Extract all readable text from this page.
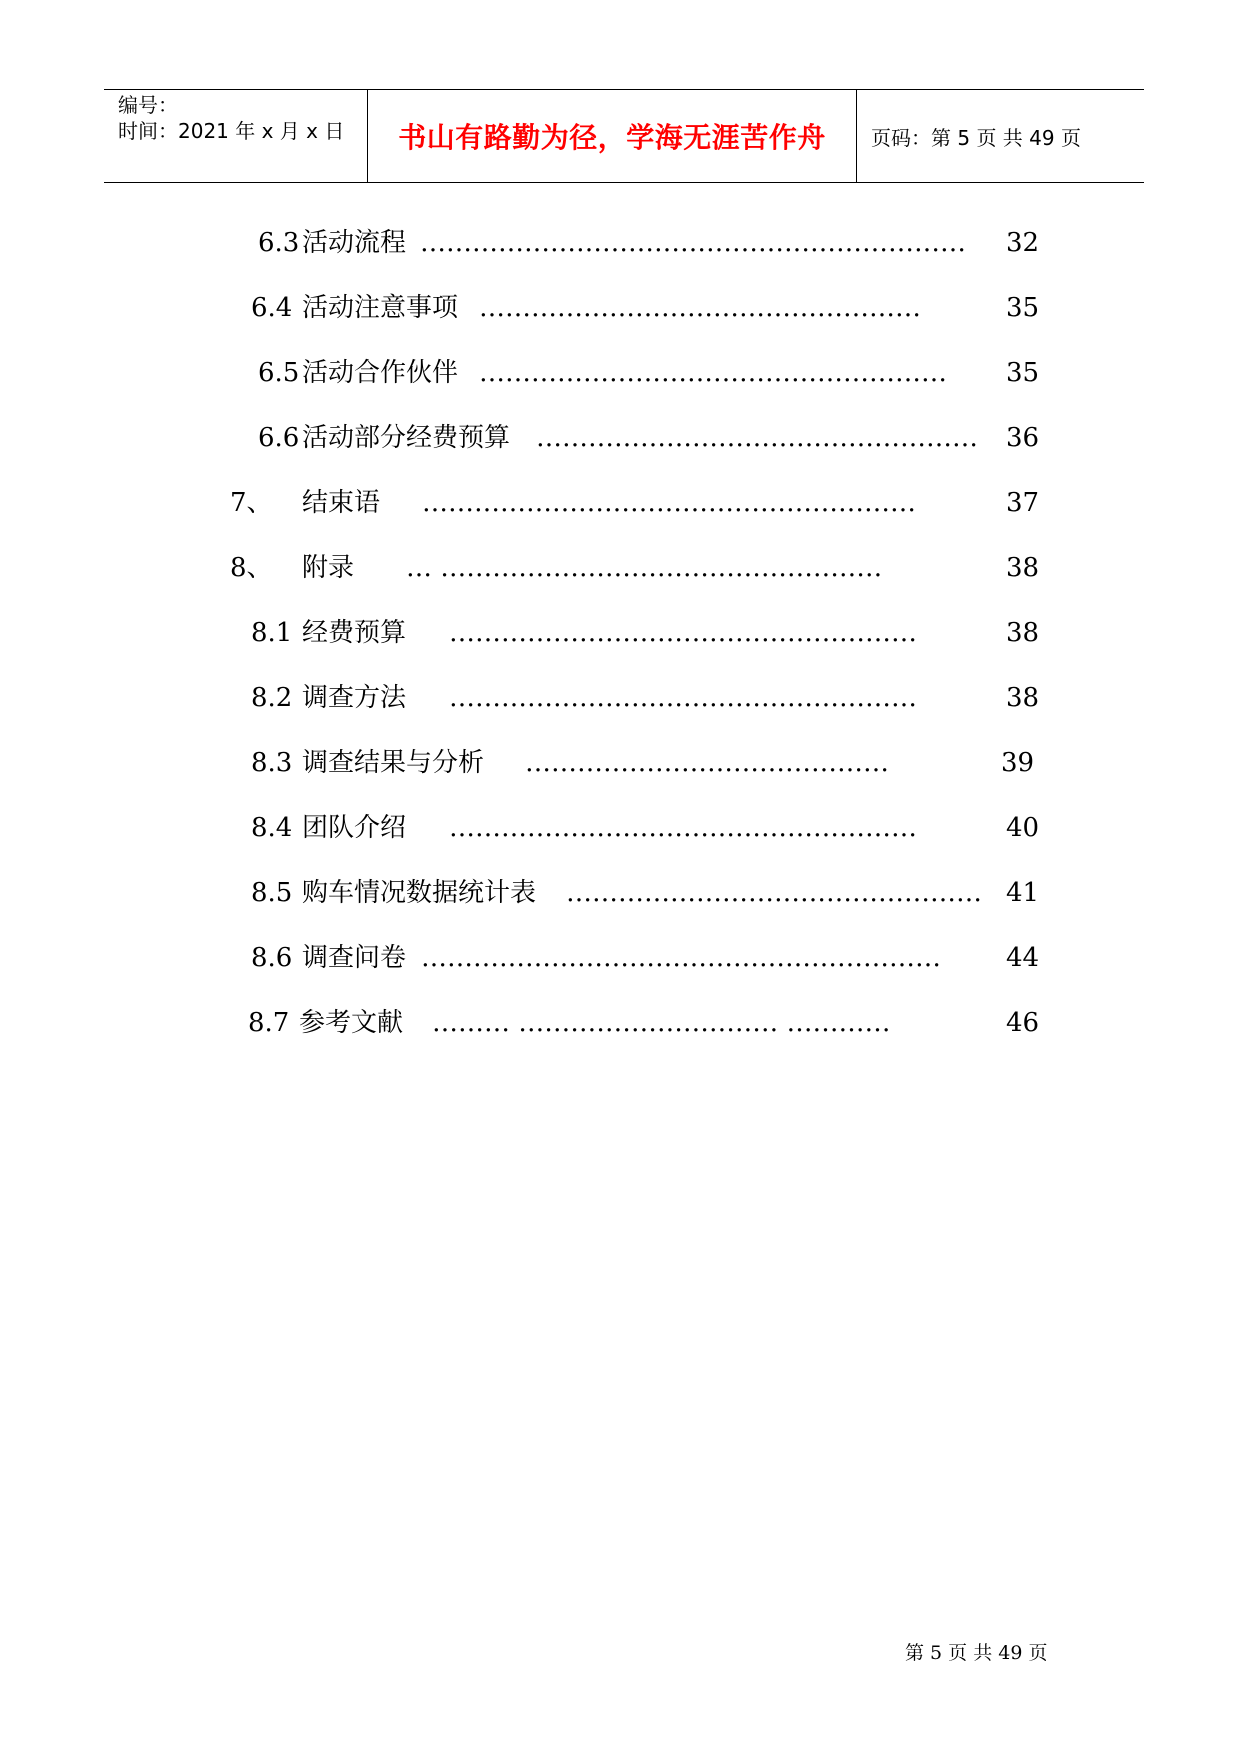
编号：
时间：2021 年 x 月 x 日 书山有路勤为径，学海无涯苦作舟 页码：第 5 页 共 49 页
6.3 活动流程 ………………………………………………………	32
6.4 活动注意事项 ……………………………………………	35
6.5 活动合作伙伴 ………………………………………………	35
6.6 活动部分经费预算 ……………………………………………	36
7、 结束语 …………………………………………………	37
8、 附录 … ……………………………………………	38
8.1 经费预算 ………………………………………………	38
8.2 调查方法 ………………………………………………	38
8.3 调查结果与分析 ……………………………………	39
8.4 团队介绍 ………………………………………………	40
8.5 购车情况数据统计表 ………………………………………… 41
8.6 调查问卷 ……………………………………………………	44
8.7 参考文献 ……… ………………………… …………	46
第 5 页 共 49 页
